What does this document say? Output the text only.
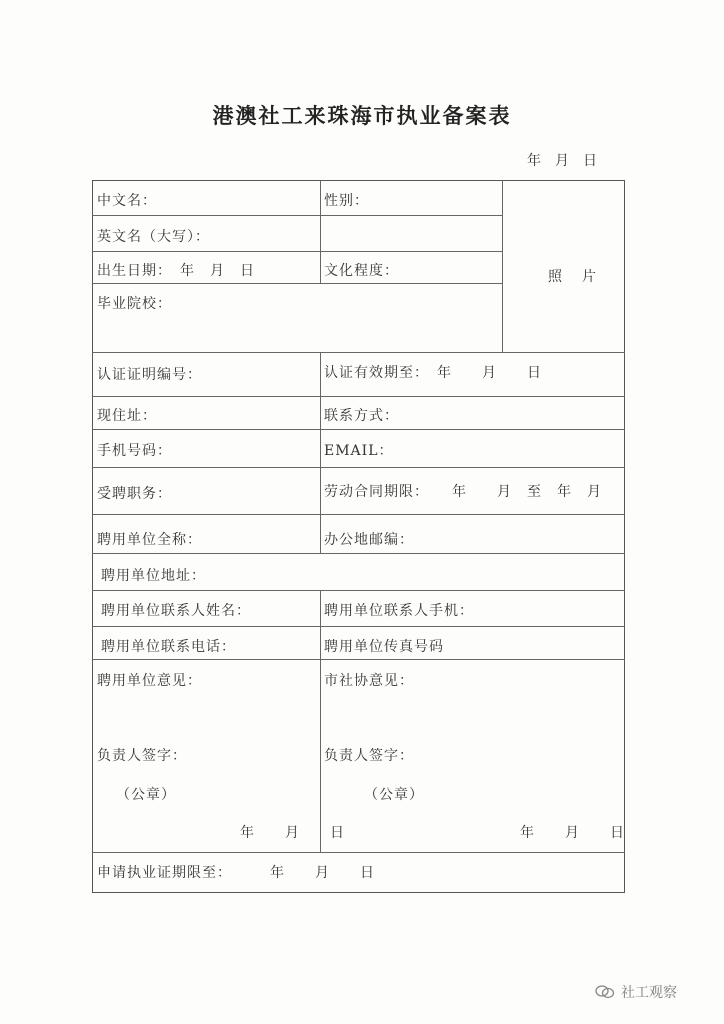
港澳社工来珠海市执业备案表
年　月　日
照 片
中文名：	性别：
英文名（大写）：
出生日期：　年　月　日	文化程度：
毕业院校：
认证证明编号：	认证有效期至：　年　　月　　日
现住址：	联系方式：
手机号码：	EMAIL：
受聘职务：	劳动合同期限：　　年　　月　至　年　月
聘用单位全称：	办公地邮编：
聘用单位地址：
聘用单位联系人姓名：	聘用单位联系人手机：
聘用单位联系电话：	聘用单位传真号码
聘用单位意见：	市社协意见：
负责人签字：	负责人签字：
（公章）	（公章）
年　　月　　日	年　　月　　日
申请执业证期限至：　　　年　　月　　日
社工观察
